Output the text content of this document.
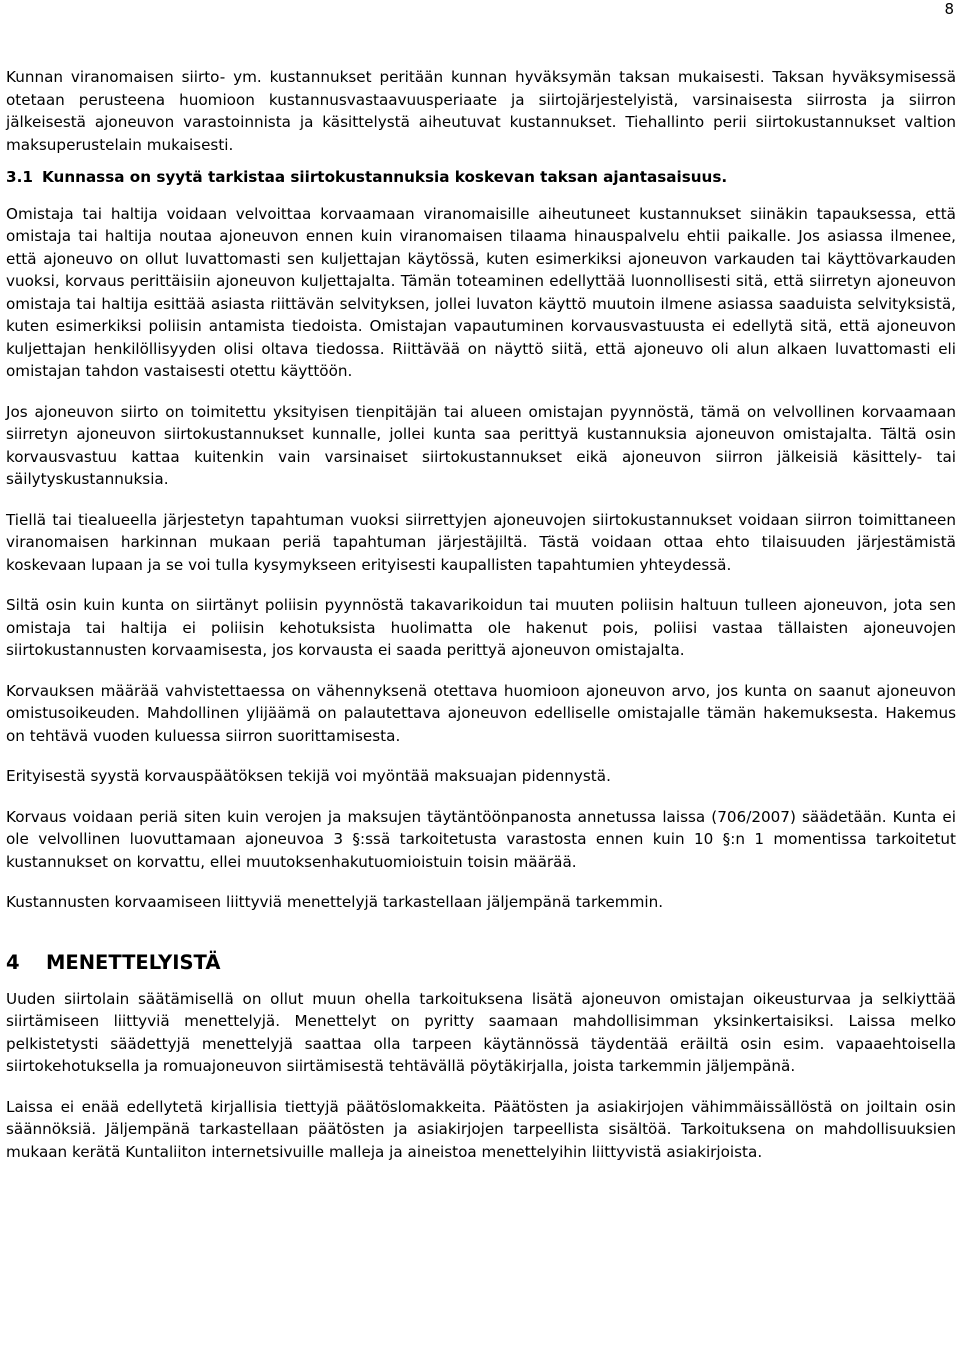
8

Kunnan viranomaisen siirto- ym. kustannukset peritään kunnan hyväksymän taksan mukaisesti. Taksan hyväksymisessä otetaan perusteena huomioon kustannusvastaavuusperiaate ja siirtojärjestelyistä, varsinaisesta siirrosta ja siirron jälkeisestä ajoneuvon varastoinnista ja käsittelystä aiheutuvat kustannukset. Tiehallinto perii siirtokustannukset valtion maksuperustelain mukaisesti.

3.1 Kunnassa on syytä tarkistaa siirtokustannuksia koskevan taksan ajantasaisuus.

Omistaja tai haltija voidaan velvoittaa korvaamaan viranomaisille aiheutuneet kustannukset siinäkin tapauksessa, että omistaja tai haltija noutaa ajoneuvon ennen kuin viranomaisen tilaama hinauspalvelu ehtii paikalle. Jos asiassa ilmenee, että ajoneuvo on ollut luvattomasti sen kuljettajan käytössä, kuten esimerkiksi ajoneuvon varkauden tai käyttövarkauden vuoksi, korvaus perittäisiin ajoneuvon kuljettajalta. Tämän toteaminen edellyttää luonnollisesti sitä, että siirretyn ajoneuvon omistaja tai haltija esittää asiasta riittävän selvityksen, jollei luvaton käyttö muutoin ilmene asiassa saaduista selvityksistä, kuten esimerkiksi poliisin antamista tiedoista. Omistajan vapautuminen korvausvastuusta ei edellytä sitä, että ajoneuvon kuljettajan henkilöllisyyden olisi oltava tiedossa. Riittävää on näyttö siitä, että ajoneuvo oli alun alkaen luvattomasti eli omistajan tahdon vastaisesti otettu käyttöön.

Jos ajoneuvon siirto on toimitettu yksityisen tienpitäjän tai alueen omistajan pyynnöstä, tämä on velvollinen korvaamaan siirretyn ajoneuvon siirtokustannukset kunnalle, jollei kunta saa perittyä kustannuksia ajoneuvon omistajalta. Tältä osin korvausvastuu kattaa kuitenkin vain varsinaiset siirtokustannukset eikä ajoneuvon siirron jälkeisiä käsittely- tai säilytyskustannuksia.

Tiellä tai tiealueella järjestetyn tapahtuman vuoksi siirrettyjen ajoneuvojen siirtokustannukset voidaan siirron toimittaneen viranomaisen harkinnan mukaan periä tapahtuman järjestäjiltä. Tästä voidaan ottaa ehto tilaisuuden järjestämistä koskevaan lupaan ja se voi tulla kysymykseen erityisesti kaupallisten tapahtumien yhteydessä.

Siltä osin kuin kunta on siirtänyt poliisin pyynnöstä takavarikoidun tai muuten poliisin haltuun tulleen ajoneuvon, jota sen omistaja tai haltija ei poliisin kehotuksista huolimatta ole hakenut pois, poliisi vastaa tällaisten ajoneuvojen siirtokustannusten korvaamisesta, jos korvausta ei saada perittyä ajoneuvon omistajalta.

Korvauksen määrää vahvistettaessa on vähennyksenä otettava huomioon ajoneuvon arvo, jos kunta on saanut ajoneuvon omistusoikeuden. Mahdollinen ylijäämä on palautettava ajoneuvon edelliselle omistajalle tämän hakemuksesta. Hakemus on tehtävä vuoden kuluessa siirron suorittamisesta.

Erityisestä syystä korvauspäätöksen tekijä voi myöntää maksuajan pidennystä.

Korvaus voidaan periä siten kuin verojen ja maksujen täytäntöönpanosta annetussa laissa (706/2007) säädetään. Kunta ei ole velvollinen luovuttamaan ajoneuvoa 3 §:ssä tarkoitetusta varastosta ennen kuin 10 §:n 1 momentissa tarkoitetut kustannukset on korvattu, ellei muutoksenhakutuomioistuin toisin määrää.

Kustannusten korvaamiseen liittyviä menettelyjä tarkastellaan jäljempänä tarkemmin.

4 MENETTELYISTÄ

Uuden siirtolain säätämisellä on ollut muun ohella tarkoituksena lisätä ajoneuvon omistajan oikeusturvaa ja selkiyttää siirtämiseen liittyviä menettelyjä. Menettelyt on pyritty saamaan mahdollisimman yksinkertaisiksi. Laissa melko pelkistetysti säädettyjä menettelyjä saattaa olla tarpeen käytännössä täydentää eräiltä osin esim. vapaaehtoisella siirtokehotuksella ja romuajoneuvon siirtämisestä tehtävällä pöytäkirjalla, joista tarkemmin jäljempänä.

Laissa ei enää edellytetä kirjallisia tiettyjä päätöslomakkeita. Päätösten ja asiakirjojen vähimmäissällöstä on joiltain osin säännöksiä. Jäljempänä tarkastellaan päätösten ja asiakirjojen tarpeellista sisältöä. Tarkoituksena on mahdollisuuksien mukaan kerätä Kuntaliiton internetsivuille malleja ja aineistoa menettelyihin liittyvistä asiakirjoista.
